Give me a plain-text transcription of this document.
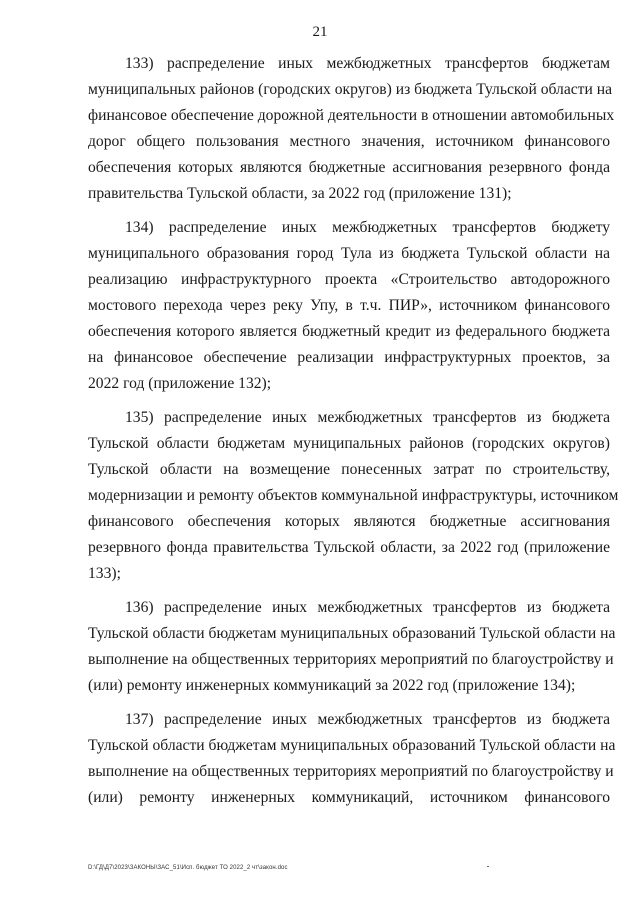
21
133) распределение иных межбюджетных трансфертов бюджетам
муниципальных районов (городских округов) из бюджета Тульской области на
финансовое обеспечение дорожной деятельности в отношении автомобильных
дорог общего пользования местного значения, источником финансового
обеспечения которых являются бюджетные ассигнования резервного фонда
правительства Тульской области, за 2022 год (приложение 131);
134) распределение иных межбюджетных трансфертов бюджету
муниципального образования город Тула из бюджета Тульской области на
реализацию инфраструктурного проекта «Строительство автодорожного
мостового перехода через реку Упу, в т.ч. ПИР», источником финансового
обеспечения которого является бюджетный кредит из федерального бюджета
на финансовое обеспечение реализации инфраструктурных проектов, за
2022 год (приложение 132);
135) распределение иных межбюджетных трансфертов из бюджета
Тульской области бюджетам муниципальных районов (городских округов)
Тульской области на возмещение понесенных затрат по строительству,
модернизации и ремонту объектов коммунальной инфраструктуры, источником
финансового обеспечения которых являются бюджетные ассигнования
резервного фонда правительства Тульской области, за 2022 год (приложение
133);
136) распределение иных межбюджетных трансфертов из бюджета
Тульской области бюджетам муниципальных образований Тульской области на
выполнение на общественных территориях мероприятий по благоустройству и
(или) ремонту инженерных коммуникаций за 2022 год (приложение 134);
137) распределение иных межбюджетных трансфертов из бюджета
Тульской области бюджетам муниципальных образований Тульской области на
выполнение на общественных территориях мероприятий по благоустройству и
(или) ремонту инженерных коммуникаций, источником финансового
D:\ГД\Д7\2023\ЗАКОНЫ\ЗАС_51\Исп. бюджет ТО 2022_2 чт\закон.doc
